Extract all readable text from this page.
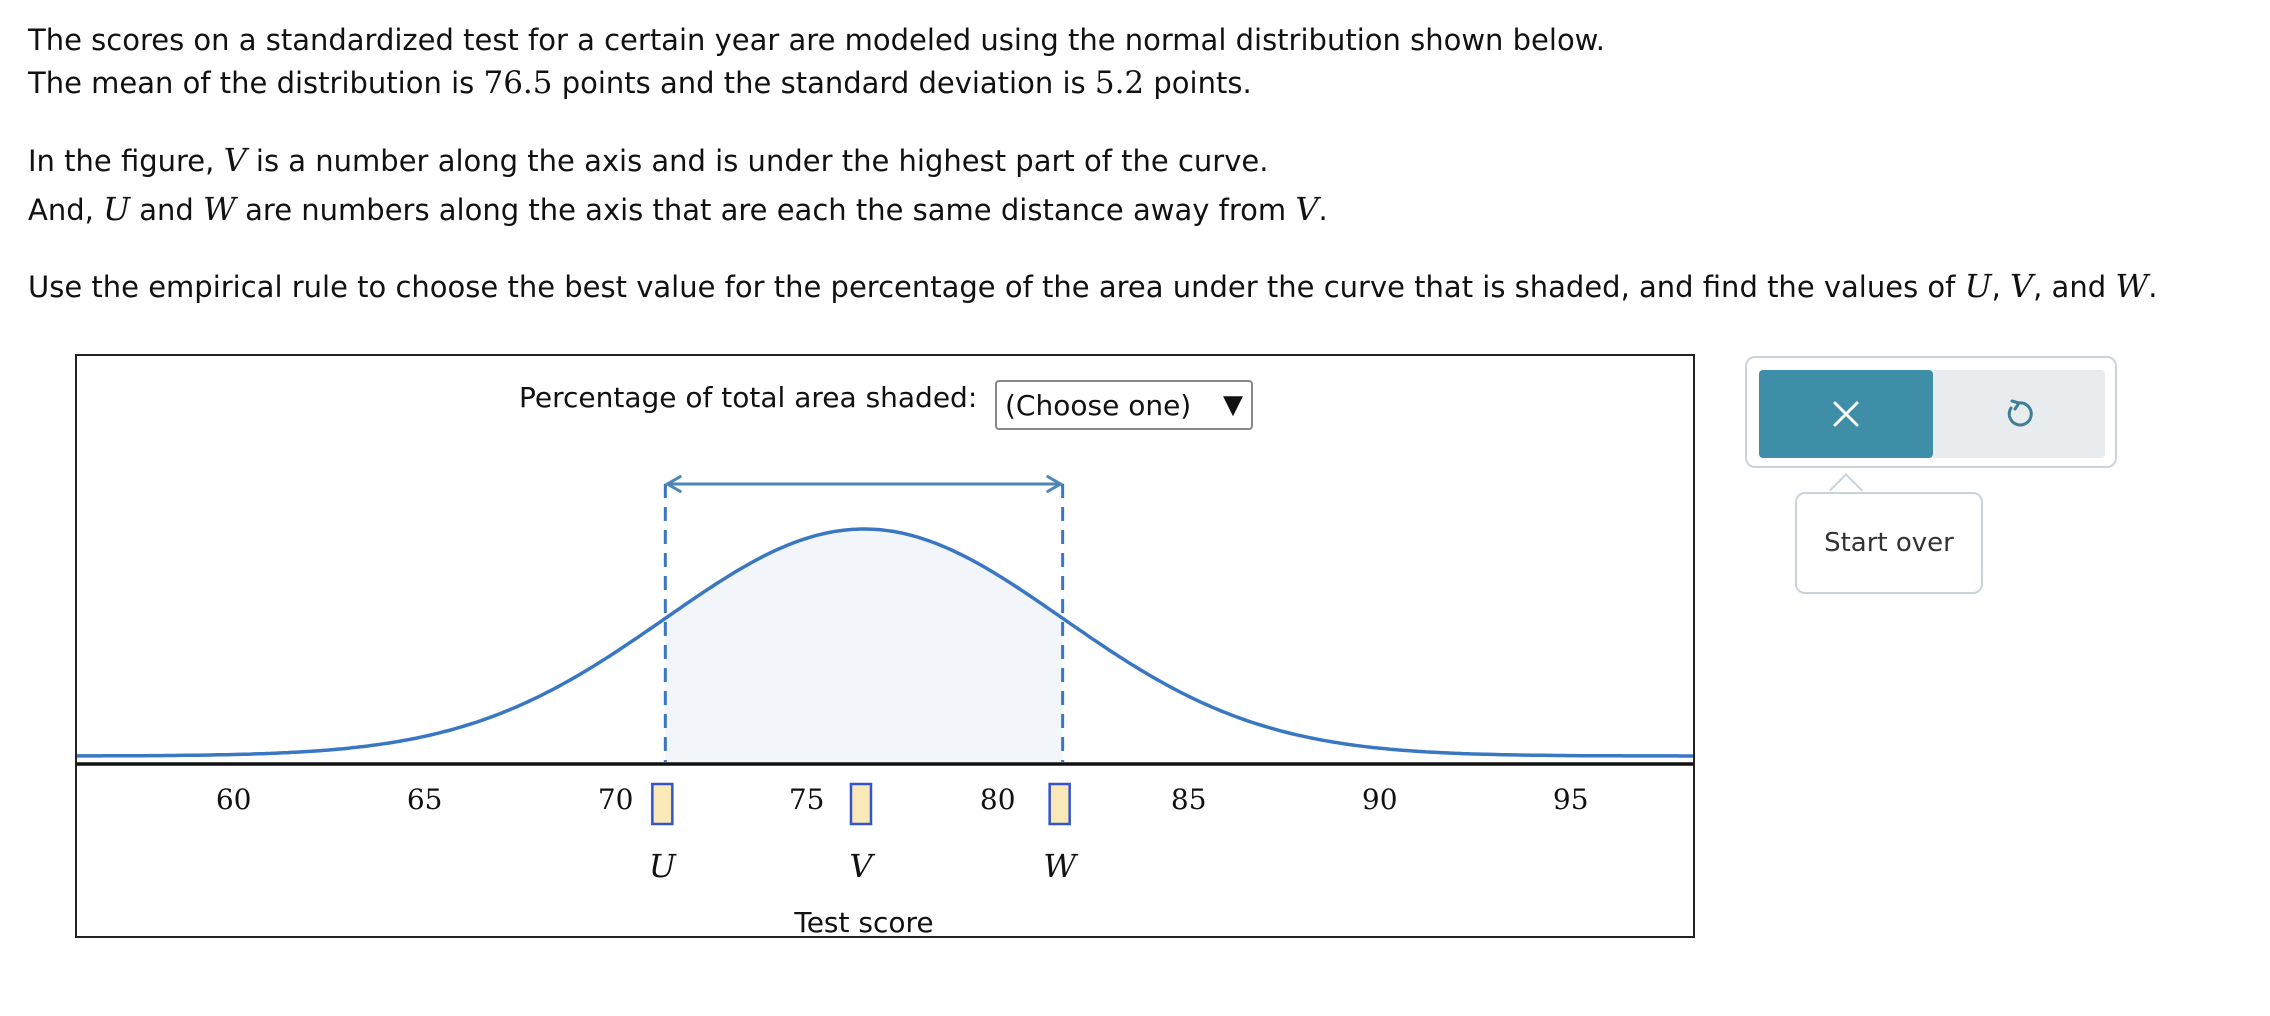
The scores on a standardized test for a certain year are modeled using the normal distribution shown below.

The mean of the distribution is 76.5 points and the standard deviation is 5.2 points.

In the figure, V is a number along the axis and is under the highest part of the curve.

And, U and W are numbers along the axis that are each the same distance away from V.

Use the empirical rule to choose the best value for the percentage of the area under the curve that is shaded, and find the values of U, V, and W.

60	65	70	75	80	85	90	95
U	V	W
Test score
Percentage of total area shaded: (Choose one) ▼
Start over
